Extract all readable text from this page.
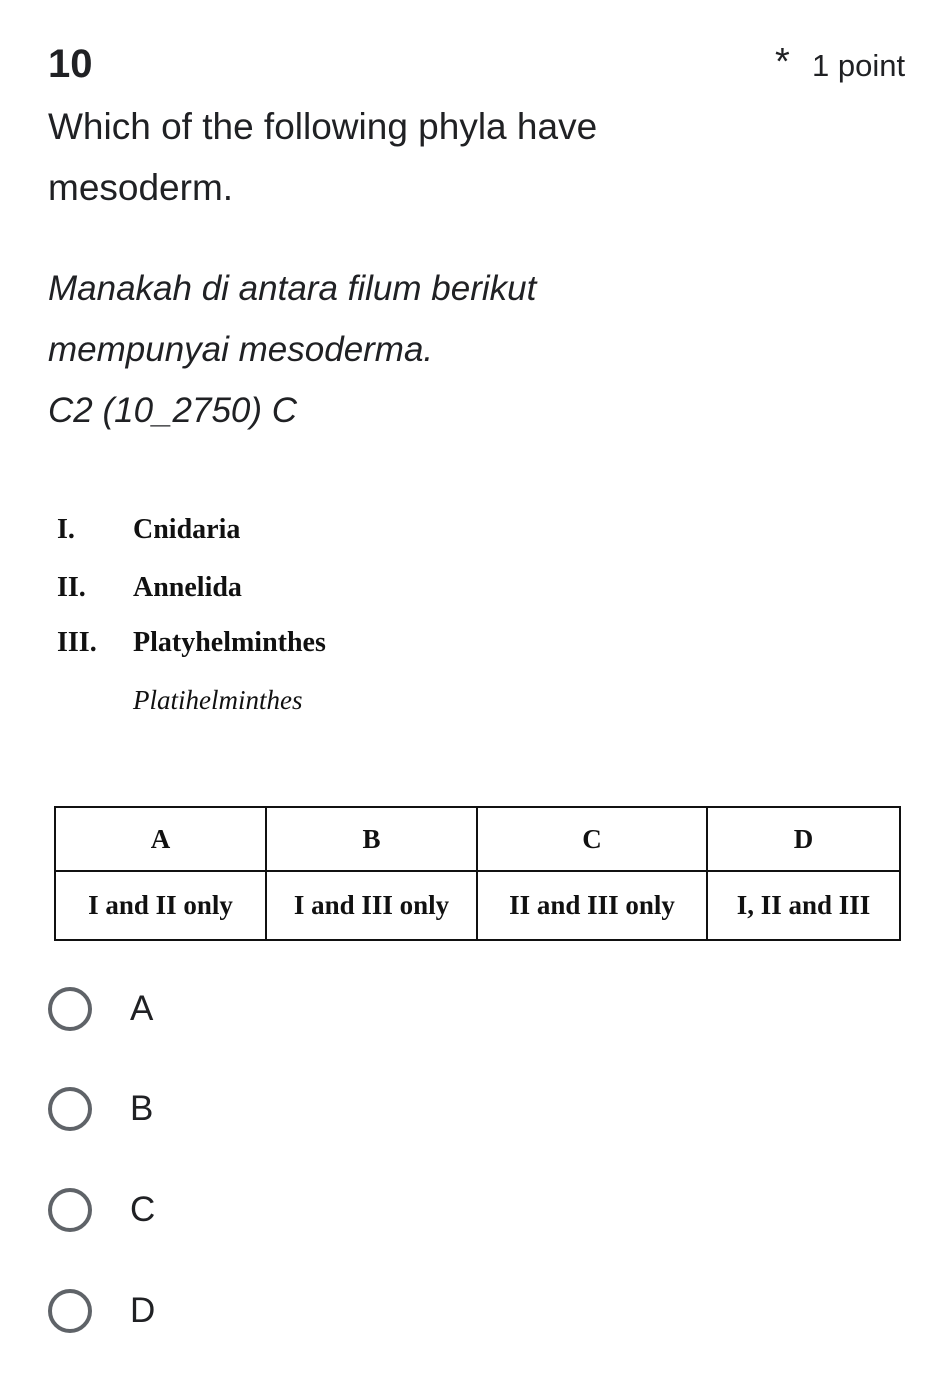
10	* 1 point
Which of the following phyla have
mesoderm.
Manakah di antara filum berikut
mempunyai mesoderma.
C2 (10_2750) C
I. Cnidaria
II. Annelida
III. Platyhelminthes
Platihelminthes
A	B	C	D
I and II only	I and III only	II and III only	I, II and III
A
B
C
D
